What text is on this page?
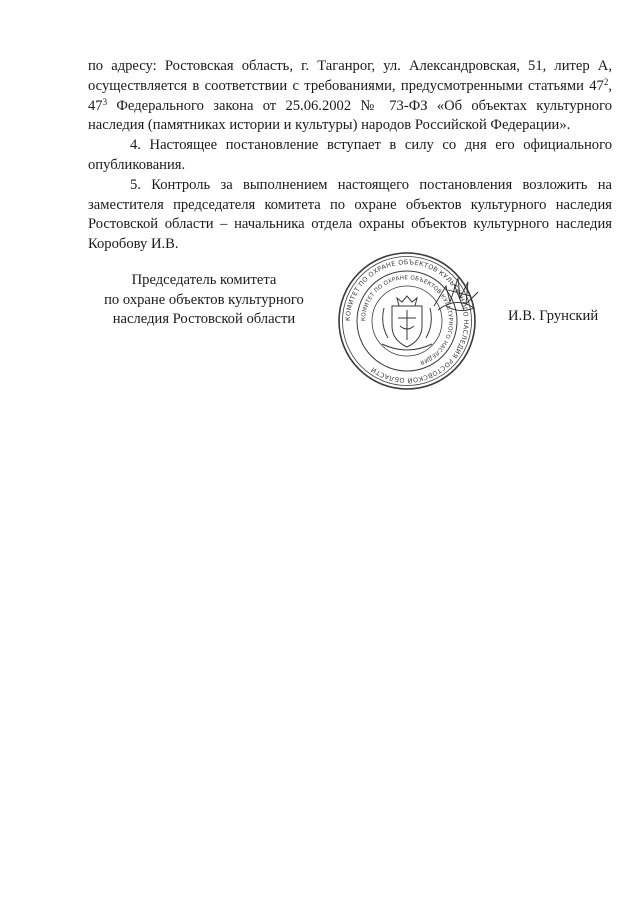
по адресу: Ростовская область, г. Таганрог, ул. Александровская, 51, литер А, осуществляется в соответствии с требованиями, предусмотренными статьями $47^2$, $47^3$ Федерального закона от 25.06.2002 № 73-ФЗ «Об объектах культурного наследия (памятниках истории и культуры) народов Российской Федерации».

4. Настоящее постановление вступает в силу со дня его официального опубликования.

5. Контроль за выполнением настоящего постановления возложить на заместителя председателя комитета по охране объектов культурного наследия Ростовской области – начальника отдела охраны объектов культурного наследия Коробову И.В.

Председатель комитета
по охране объектов культурного
наследия Ростовской области	КОМИТЕТ ПО ОХРАНЕ ОБЪЕКТОВ КУЛЬТУРНОГО НАСЛЕДИЯ РОСТОВСКОЙ ОБЛАСТИ
КОМИТЕТ ПО ОХРАНЕ ОБЪЕКТОВ КУЛЬТУРНОГО НАСЛЕДИЯ
И.В. Грунский
